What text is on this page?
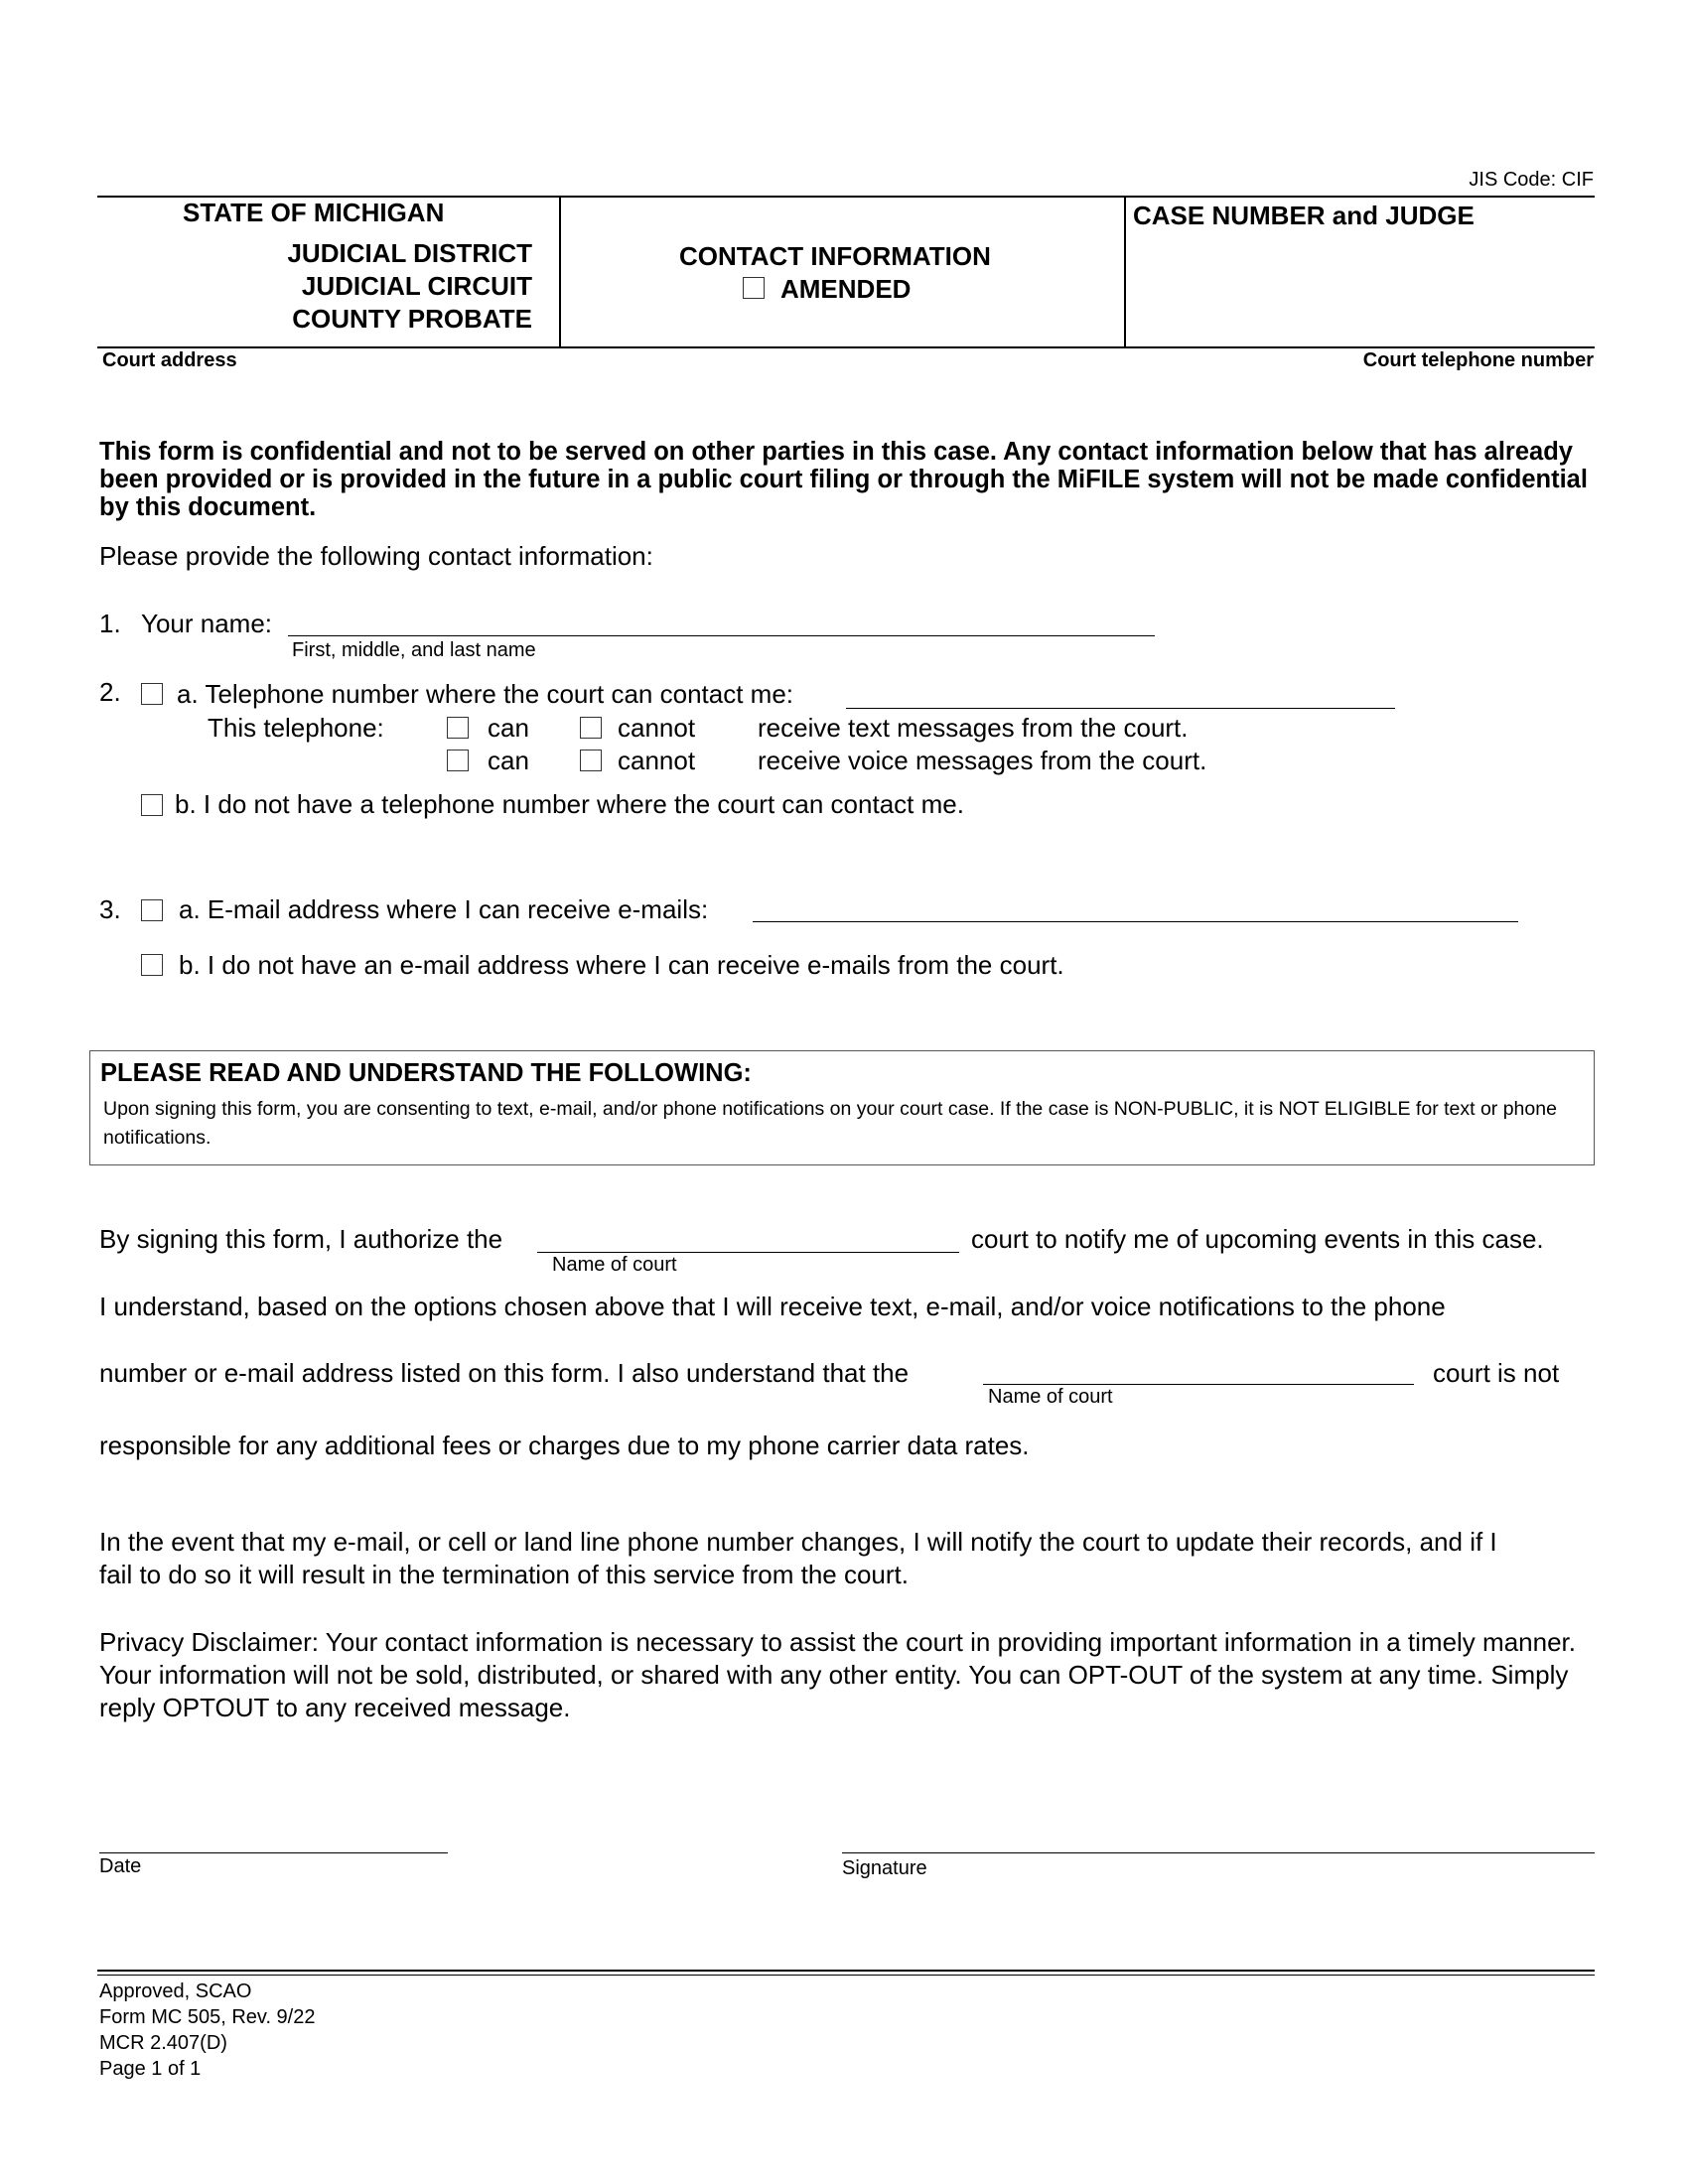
JIS Code: CIF
STATE OF MICHIGAN
JUDICIAL DISTRICT
JUDICIAL CIRCUIT
COUNTY PROBATE
CONTACT INFORMATION
AMENDED
CASE NUMBER and JUDGE
Court address	Court telephone number
This form is confidential and not to be served on other parties in this case. Any contact information below that has already been provided or is provided in the future in a public court filing or through the MiFILE system will not be made confidential by this document.
Please provide the following contact information:
1. Your name:
First, middle, and last name
2. a. Telephone number where the court can contact me:
This telephone:	can	cannot receive text messages from the court.
can	cannot receive voice messages from the court.
b. I do not have a telephone number where the court can contact me.
3. a. E-mail address where I can receive e-mails:
b. I do not have an e-mail address where I can receive e-mails from the court.
PLEASE READ AND UNDERSTAND THE FOLLOWING:
Upon signing this form, you are consenting to text, e-mail, and/or phone notifications on your court case. If the case is NON-PUBLIC, it is NOT ELIGIBLE for text or phone notifications.
By signing this form, I authorize the
Name of court
court to notify me of upcoming events in this case.
I understand, based on the options chosen above that I will receive text, e-mail, and/or voice notifications to the phone
number or e-mail address listed on this form. I also understand that the
Name of court
court is not
responsible for any additional fees or charges due to my phone carrier data rates.
In the event that my e-mail, or cell or land line phone number changes, I will notify the court to update their records, and if I fail to do so it will result in the termination of this service from the court.
Privacy Disclaimer: Your contact information is necessary to assist the court in providing important information in a timely manner. Your information will not be sold, distributed, or shared with any other entity. You can OPT-OUT of the system at any time. Simply reply OPTOUT to any received message.
Date	Signature
Approved, SCAO
Form MC 505, Rev. 9/22
MCR 2.407(D)
Page 1 of 1
